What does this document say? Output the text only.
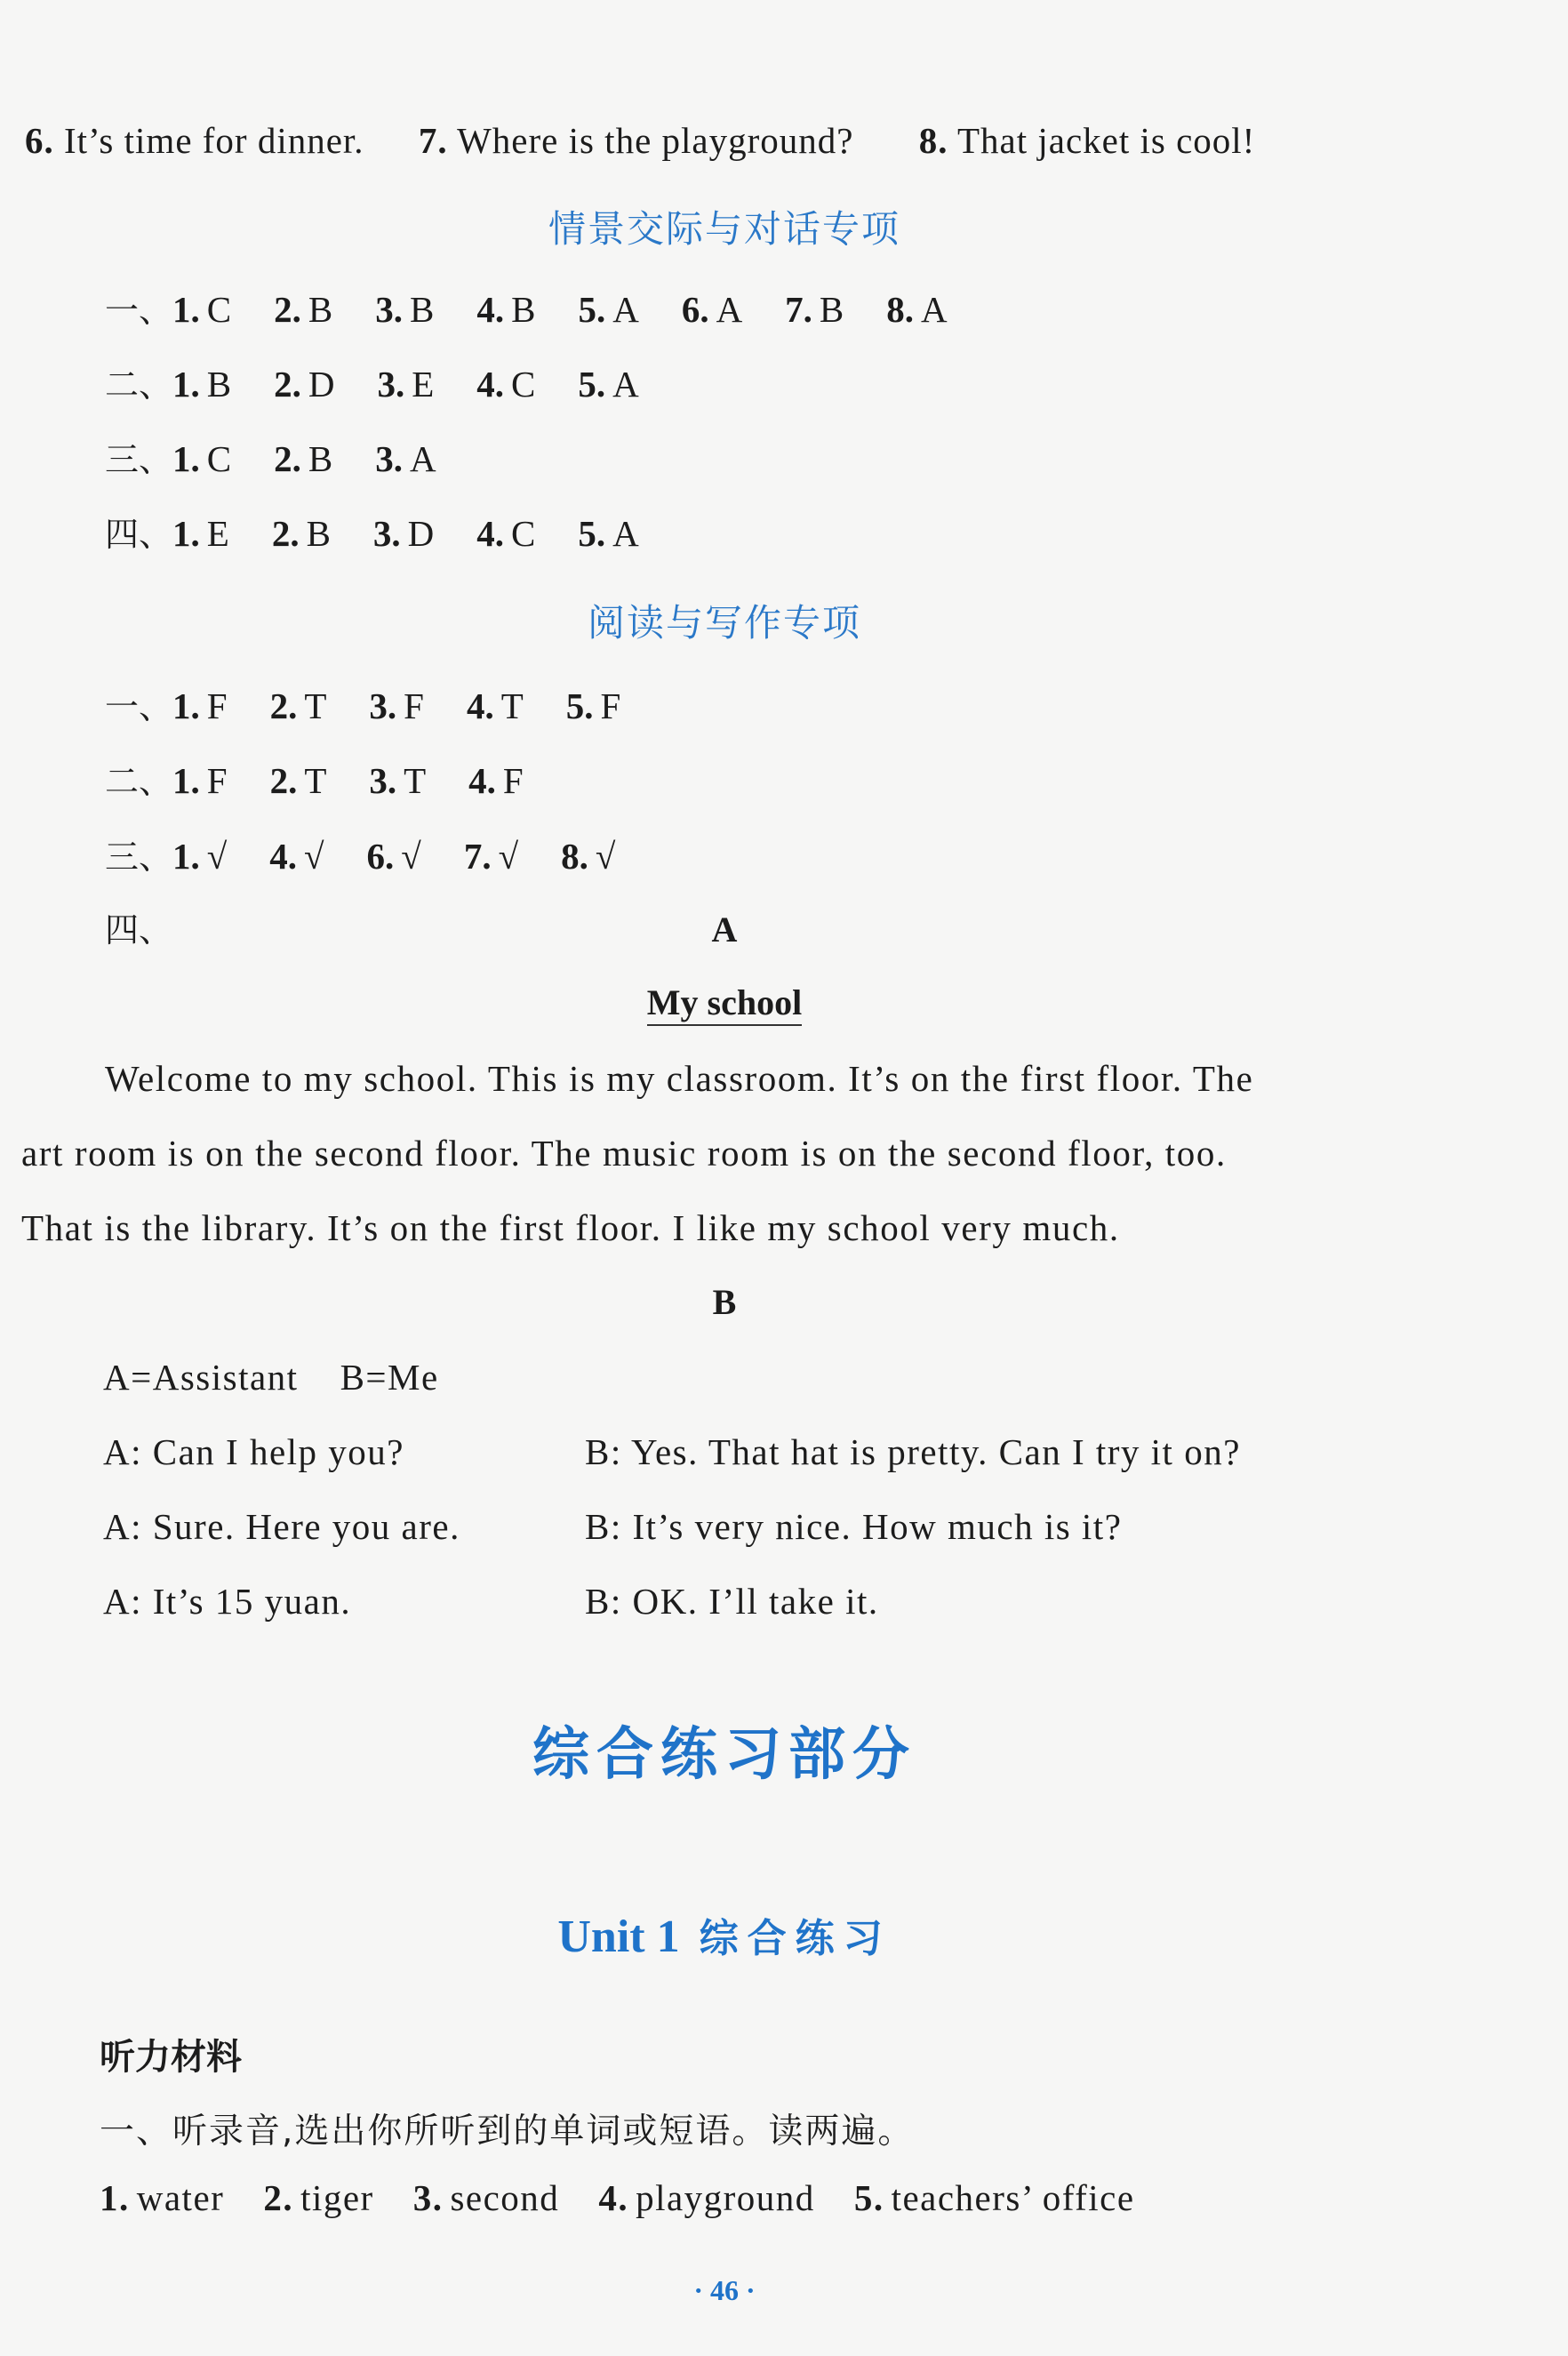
6. It’s time for dinner. 7. Where is the playground? 8. That jacket is cool!
情景交际与对话专项
一、1. C 2. B 3. B 4. B 5. A 6. A 7. B 8. A
二、1. B 2. D 3. E 4. C 5. A
三、1. C 2. B 3. A
四、1. E 2. B 3. D 4. C 5. A
阅读与写作专项
一、1. F 2. T 3. F 4. T 5. F
二、1. F 2. T 3. T 4. F
三、1. √ 4. √ 6. √ 7. √ 8. √
四、	A
My school
Welcome to my school. This is my classroom. It’s on the first floor. The
art room is on the second floor. The music room is on the second floor, too.
That is the library. It’s on the first floor. I like my school very much.
B
A=Assistant    B=Me
A: Can I help you?	B: Yes. That hat is pretty. Can I try it on?
A: Sure. Here you are.	B: It’s very nice. How much is it?
A: It’s 15 yuan.	B: OK. I’ll take it.
综合练习部分
Unit 1 综合练习
听力材料
一、听录音,选出你所听到的单词或短语。读两遍。
1. water 2. tiger 3. second 4. playground 5. teachers’ office
· 46 ·
